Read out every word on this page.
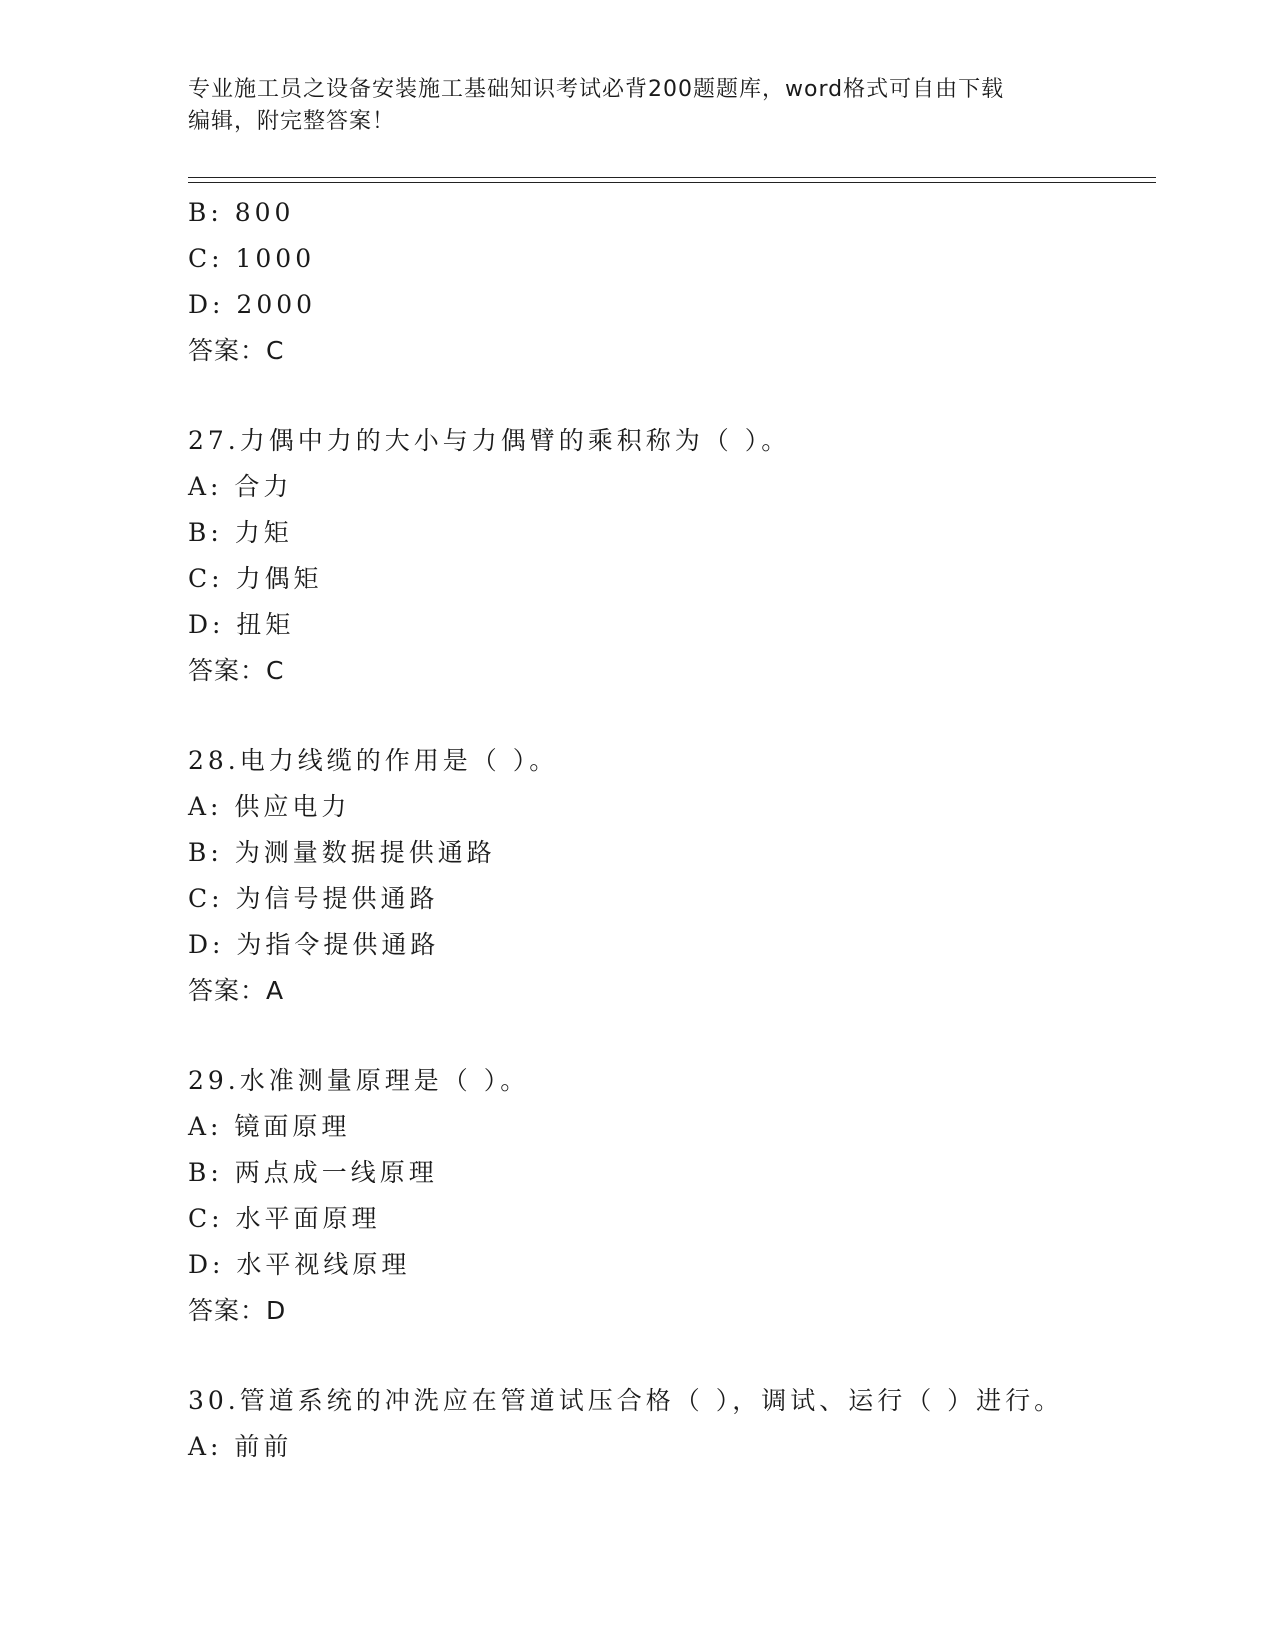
专业施工员之设备安装施工基础知识考试必背200题题库，word格式可自由下载
编辑，附完整答案！
B: 800
C: 1000
D: 2000
答案：C
27.力偶中力的大小与力偶臂的乘积称为（ ）。
A: 合力
B: 力矩
C: 力偶矩
D: 扭矩
答案：C
28.电力线缆的作用是（ ）。
A: 供应电力
B: 为测量数据提供通路
C: 为信号提供通路
D: 为指令提供通路
答案：A
29.水准测量原理是（ ）。
A: 镜面原理
B: 两点成一线原理
C: 水平面原理
D: 水平视线原理
答案：D
30.管道系统的冲洗应在管道试压合格（ ），调试、运行（ ）进行。
A: 前前
